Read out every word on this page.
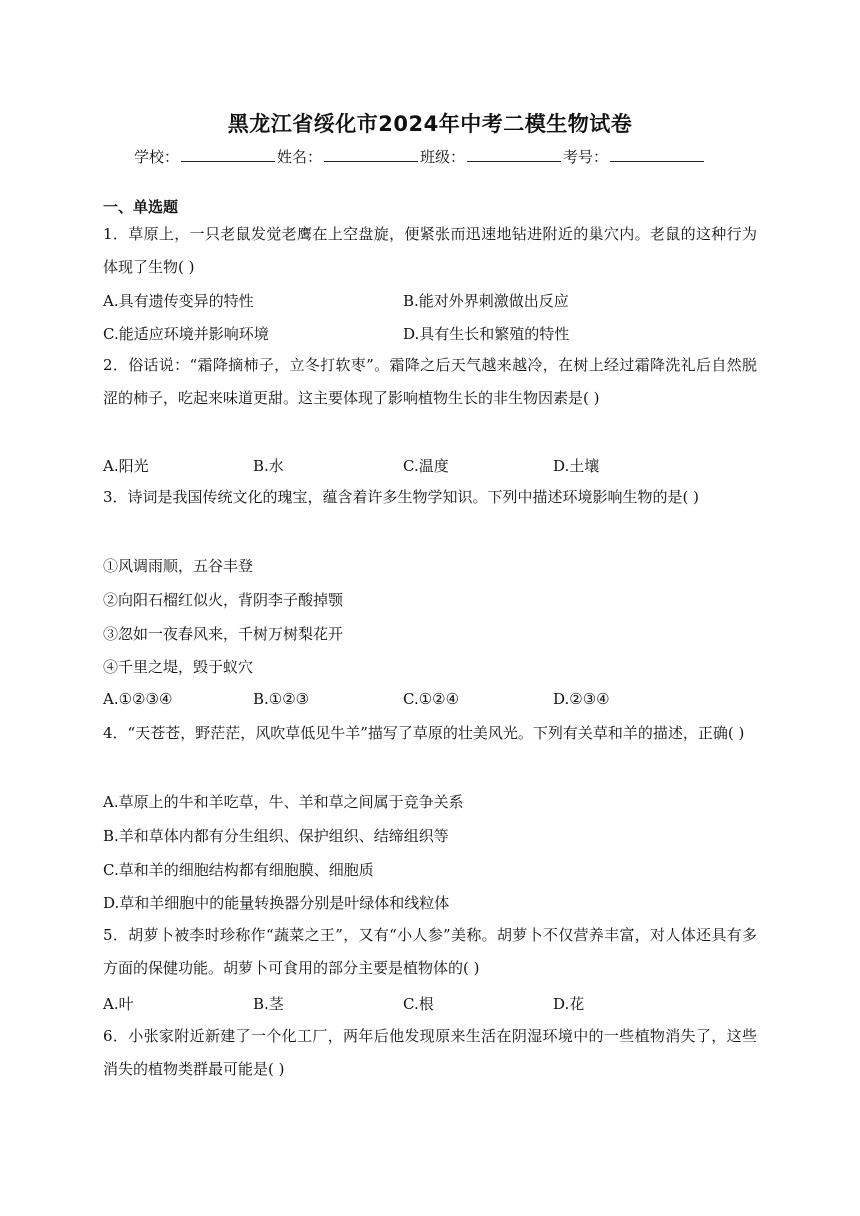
黑龙江省绥化市2024年中考二模生物试卷
学校：	姓名：	班级：	考号：
一、单选题
1．草原上，一只老鼠发觉老鹰在上空盘旋，便紧张而迅速地钻进附近的巢穴内。老鼠的这种行为体现了生物( )
A.具有遗传变异的特性	B.能对外界刺激做出反应
C.能适应环境并影响环境	D.具有生长和繁殖的特性
2．俗话说：“霜降摘柿子，立冬打软枣”。霜降之后天气越来越冷，在树上经过霜降洗礼后自然脱涩的柿子，吃起来味道更甜。这主要体现了影响植物生长的非生物因素是( )
A.阳光	B.水	C.温度	D.土壤
3．诗词是我国传统文化的瑰宝，蕴含着许多生物学知识。下列中描述环境影响生物的是( )
①风调雨顺，五谷丰登
②向阳石榴红似火，背阴李子酸掉颚
③忽如一夜春风来，千树万树梨花开
④千里之堤，毁于蚁穴
A.①②③④	B.①②③	C.①②④	D.②③④
4．“天苍苍，野茫茫，风吹草低见牛羊”描写了草原的壮美风光。下列有关草和羊的描述，正确( )
A.草原上的牛和羊吃草，牛、羊和草之间属于竞争关系
B.羊和草体内都有分生组织、保护组织、结缔组织等
C.草和羊的细胞结构都有细胞膜、细胞质
D.草和羊细胞中的能量转换器分别是叶绿体和线粒体
5．胡萝卜被李时珍称作“蔬菜之王”，又有“小人参”美称。胡萝卜不仅营养丰富，对人体还具有多方面的保健功能。胡萝卜可食用的部分主要是植物体的( )
A.叶	B.茎	C.根	D.花
6．小张家附近新建了一个化工厂，两年后他发现原来生活在阴湿环境中的一些植物消失了，这些消失的植物类群最可能是( )
